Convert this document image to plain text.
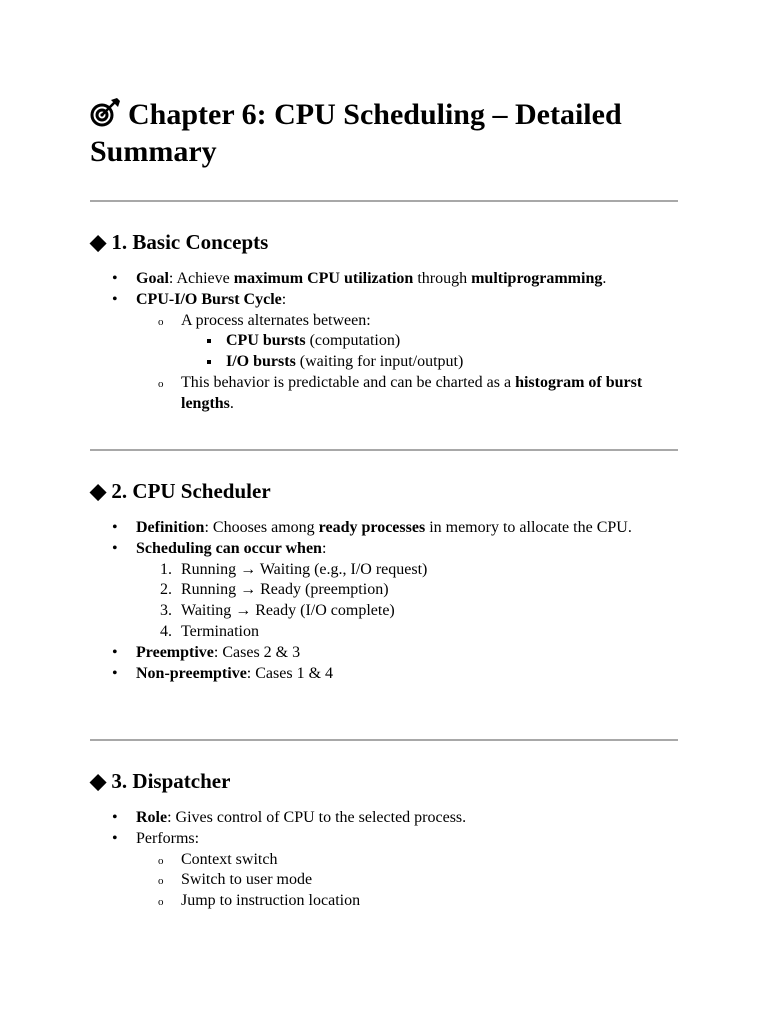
Chapter 6: CPU Scheduling – Detailed
Summary
◆ 1. Basic Concepts
• Goal: Achieve maximum CPU utilization through multiprogramming.
• CPU-I/O Burst Cycle:
o A process alternates between:
CPU bursts (computation)
I/O bursts (waiting for input/output)
o This behavior is predictable and can be charted as a histogram of burst lengths.
◆ 2. CPU Scheduler
• Definition: Chooses among ready processes in memory to allocate the CPU.
• Scheduling can occur when:
1. Running → Waiting (e.g., I/O request)
2. Running → Ready (preemption)
3. Waiting → Ready (I/O complete)
4. Termination
• Preemptive: Cases 2 & 3
• Non-preemptive: Cases 1 & 4
◆ 3. Dispatcher
• Role: Gives control of CPU to the selected process.
• Performs:
o Context switch
o Switch to user mode
o Jump to instruction location
